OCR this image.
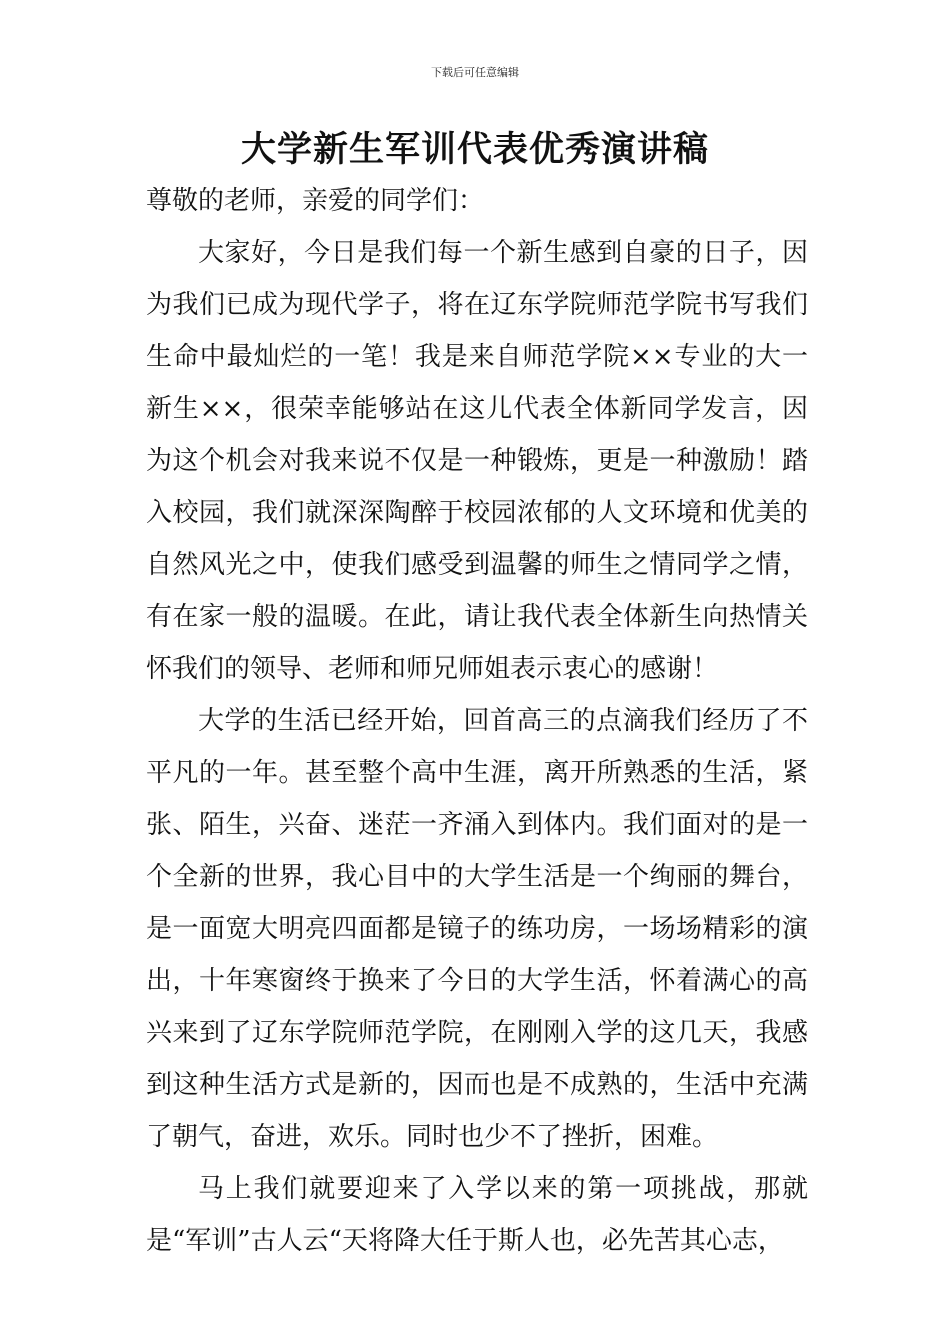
下载后可任意编辑
大学新生军训代表优秀演讲稿

尊敬的老师，亲爱的同学们：

大家好，今日是我们每一个新生感到自豪的日子，因为我们已成为现代学子，将在辽东学院师范学院书写我们生命中最灿烂的一笔！我是来自师范学院××专业的大一新生××，很荣幸能够站在这儿代表全体新同学发言，因为这个机会对我来说不仅是一种锻炼，更是一种激励！踏入校园，我们就深深陶醉于校园浓郁的人文环境和优美的自然风光之中，使我们感受到温馨的师生之情同学之情，有在家一般的温暖。在此，请让我代表全体新生向热情关怀我们的领导、老师和师兄师姐表示衷心的感谢！

大学的生活已经开始，回首高三的点滴我们经历了不平凡的一年。甚至整个高中生涯，离开所熟悉的生活，紧张、陌生，兴奋、迷茫一齐涌入到体内。我们面对的是一个全新的世界，我心目中的大学生活是一个绚丽的舞台，是一面宽大明亮四面都是镜子的练功房，一场场精彩的演出，十年寒窗终于换来了今日的大学生活，怀着满心的高兴来到了辽东学院师范学院，在刚刚入学的这几天，我感到这种生活方式是新的，因而也是不成熟的，生活中充满了朝气，奋进，欢乐。同时也少不了挫折，困难。

马上我们就要迎来了入学以来的第一项挑战，那就是“军训”古人云“天将降大任于斯人也，必先苦其心志，
